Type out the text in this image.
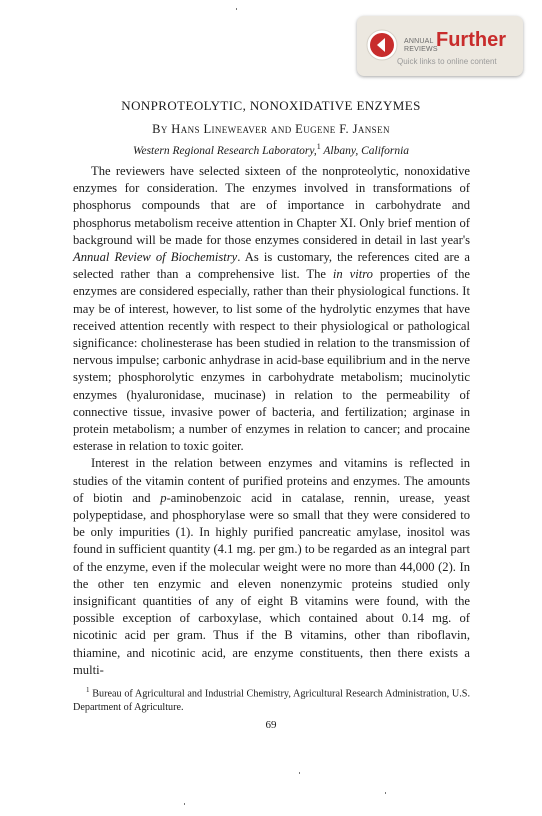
ANNUAL
REVIEWS
Further
Quick links to online content
NONPROTEOLYTIC, NONOXIDATIVE ENZYMES
By Hans Lineweaver and Eugene F. Jansen
Western Regional Research Laboratory,$^1$ Albany, California

The reviewers have selected sixteen of the nonproteolytic, nonoxidative enzymes for consideration. The enzymes involved in transformations of phosphorus compounds that are of importance in carbohydrate and phosphorus metabolism receive attention in Chapter XI. Only brief mention of background will be made for those enzymes considered in detail in last year's Annual Review of Biochemistry. As is customary, the references cited are a selected rather than a comprehensive list. The in vitro properties of the enzymes are considered especially, rather than their physiological functions. It may be of interest, however, to list some of the hydrolytic enzymes that have received attention recently with respect to their physiological or pathological significance: cholinesterase has been studied in relation to the transmission of nervous impulse; carbonic anhydrase in acid-base equilibrium and in the nerve system; phosphorolytic enzymes in carbohydrate metabolism; mucinolytic enzymes (hyaluronidase, mucinase) in relation to the permeability of connective tissue, invasive power of bacteria, and fertilization; arginase in protein metabolism; a number of enzymes in relation to cancer; and procaine esterase in relation to toxic goiter.

Interest in the relation between enzymes and vitamins is reflected in studies of the vitamin content of purified proteins and enzymes. The amounts of biotin and p-aminobenzoic acid in catalase, rennin, urease, yeast polypeptidase, and phosphorylase were so small that they were considered to be only impurities (1). In highly purified pancreatic amylase, inositol was found in sufficient quantity (4.1 mg. per gm.) to be regarded as an integral part of the enzyme, even if the molecular weight were no more than 44,000 (2). In the other ten enzymic and eleven nonenzymic proteins studied only insignificant quantities of any of eight B vitamins were found, with the possible exception of carboxylase, which contained about 0.14 mg. of nicotinic acid per gram. Thus if the B vitamins, other than riboflavin, thiamine, and nicotinic acid, are enzyme constituents, then there exists a multi-

$^1$ Bureau of Agricultural and Industrial Chemistry, Agricultural Research Administration, U.S. Department of Agriculture.

69
